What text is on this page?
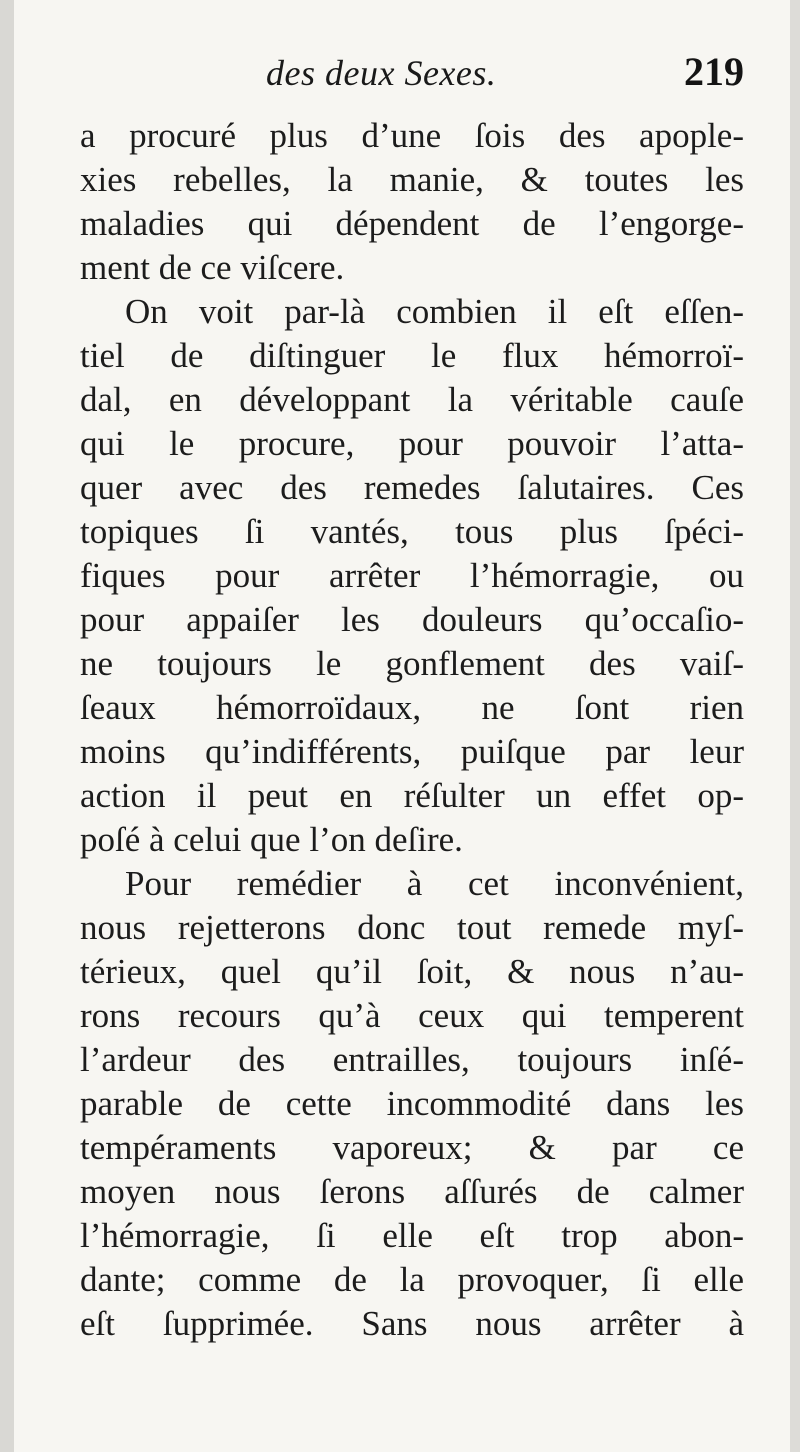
des deux Sexes.	219
a procuré plus d’une ſois des apople-
xies rebelles, la manie, & toutes les
maladies qui dépendent de l’engorge-
ment de ce viſcere.
On voit par-là combien il eſt eſſen-
tiel de diſtinguer le flux hémorroï-
dal, en développant la véritable cauſe
qui le procure, pour pouvoir l’atta-
quer avec des remedes ſalutaires. Ces
topiques ſi vantés, tous plus ſpéci-
fiques pour arrêter l’hémorragie, ou
pour appaiſer les douleurs qu’occaſio-
ne toujours le gonflement des vaiſ-
ſeaux hémorroïdaux, ne ſont rien
moins qu’indifférents, puiſque par leur
action il peut en réſulter un effet op-
poſé à celui que l’on deſire.
Pour remédier à cet inconvénient,
nous rejetterons donc tout remede myſ-
térieux, quel qu’il ſoit, & nous n’au-
rons recours qu’à ceux qui temperent
l’ardeur des entrailles, toujours inſé-
parable de cette incommodité dans les
tempéraments vaporeux; & par ce
moyen nous ſerons aſſurés de calmer
l’hémorragie, ſi elle eſt trop abon-
dante; comme de la provoquer, ſi elle
eſt ſupprimée. Sans nous arrêter à
